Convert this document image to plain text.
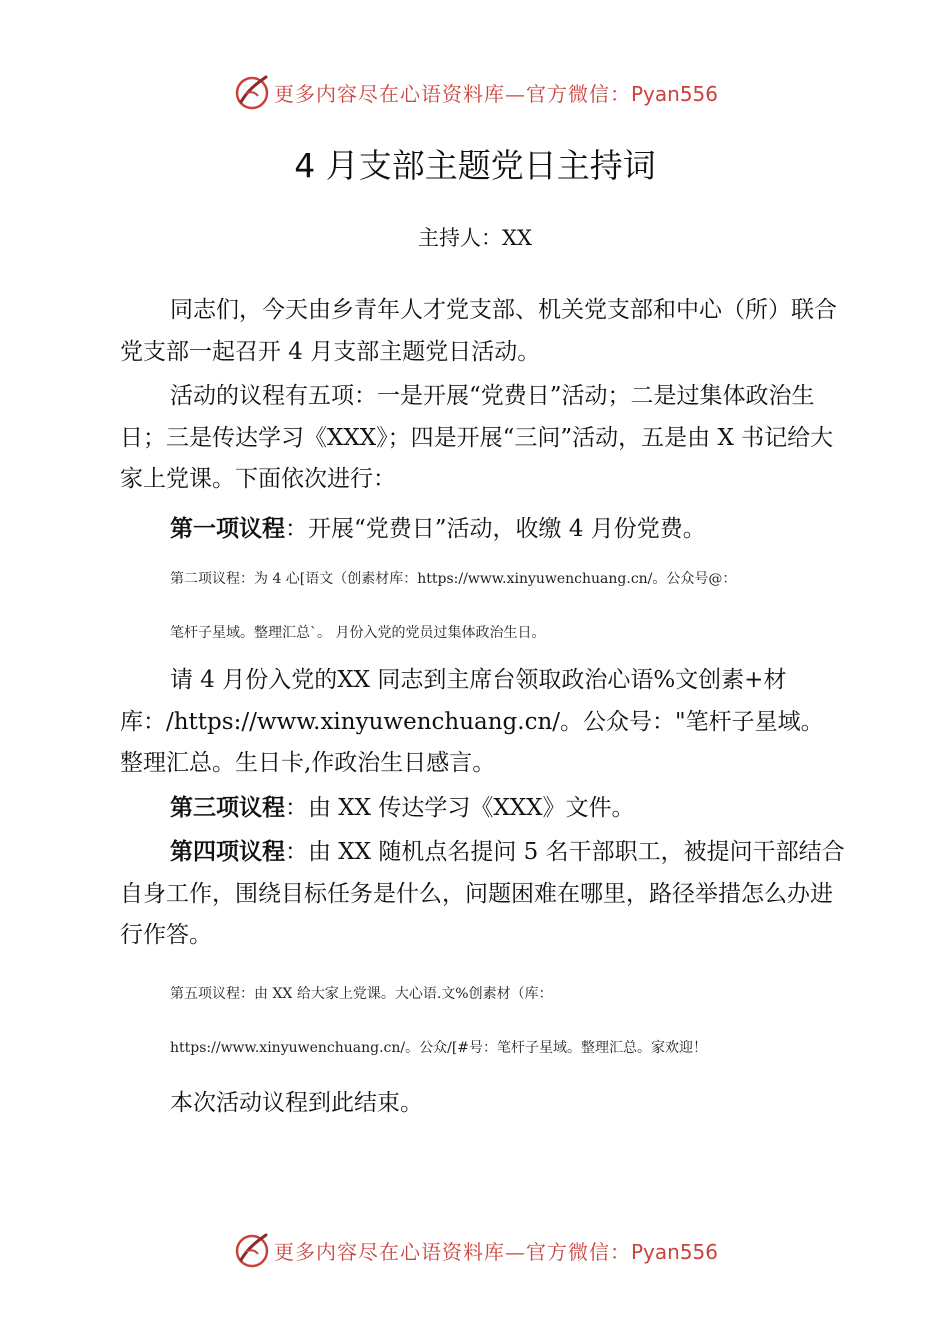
更多内容尽在心语资料库—官方微信：Pyan556
4 月支部主题党日主持词
主持人：XX

同志们，今天由乡青年人才党支部、机关党支部和中心（所）联合党支部一起召开 4 月支部主题党日活动。

活动的议程有五项：一是开展“党费日”活动；二是过集体政治生日；三是传达学习《XXX》；四是开展“三问”活动，五是由 X 书记给大家上党课。下面依次进行：

第一项议程：开展“党费日”活动，收缴 4 月份党费。

第二项议程：为 4 心[语文（创素材库：https://www.xinyuwenchuang.cn/。公众号@：

笔杆子星域。整理汇总`。 月份入党的党员过集体政治生日。

请 4 月份入党的XX 同志到主席台领取政治心语%文创素+材库：/https://www.xinyuwenchuang.cn/。公众号："笔杆子星域。整理汇总。生日卡,作政治生日感言。

第三项议程：由 XX 传达学习《XXX》文件。

第四项议程：由 XX 随机点名提问 5 名干部职工，被提问干部结合自身工作，围绕目标任务是什么，问题困难在哪里，路径举措怎么办进行作答。

第五项议程：由 XX 给大家上党课。大心语.文%创素材（库：

https://www.xinyuwenchuang.cn/。公众/[#号：笔杆子星域。整理汇总。家欢迎！

本次活动议程到此结束。

更多内容尽在心语资料库—官方微信：Pyan556
